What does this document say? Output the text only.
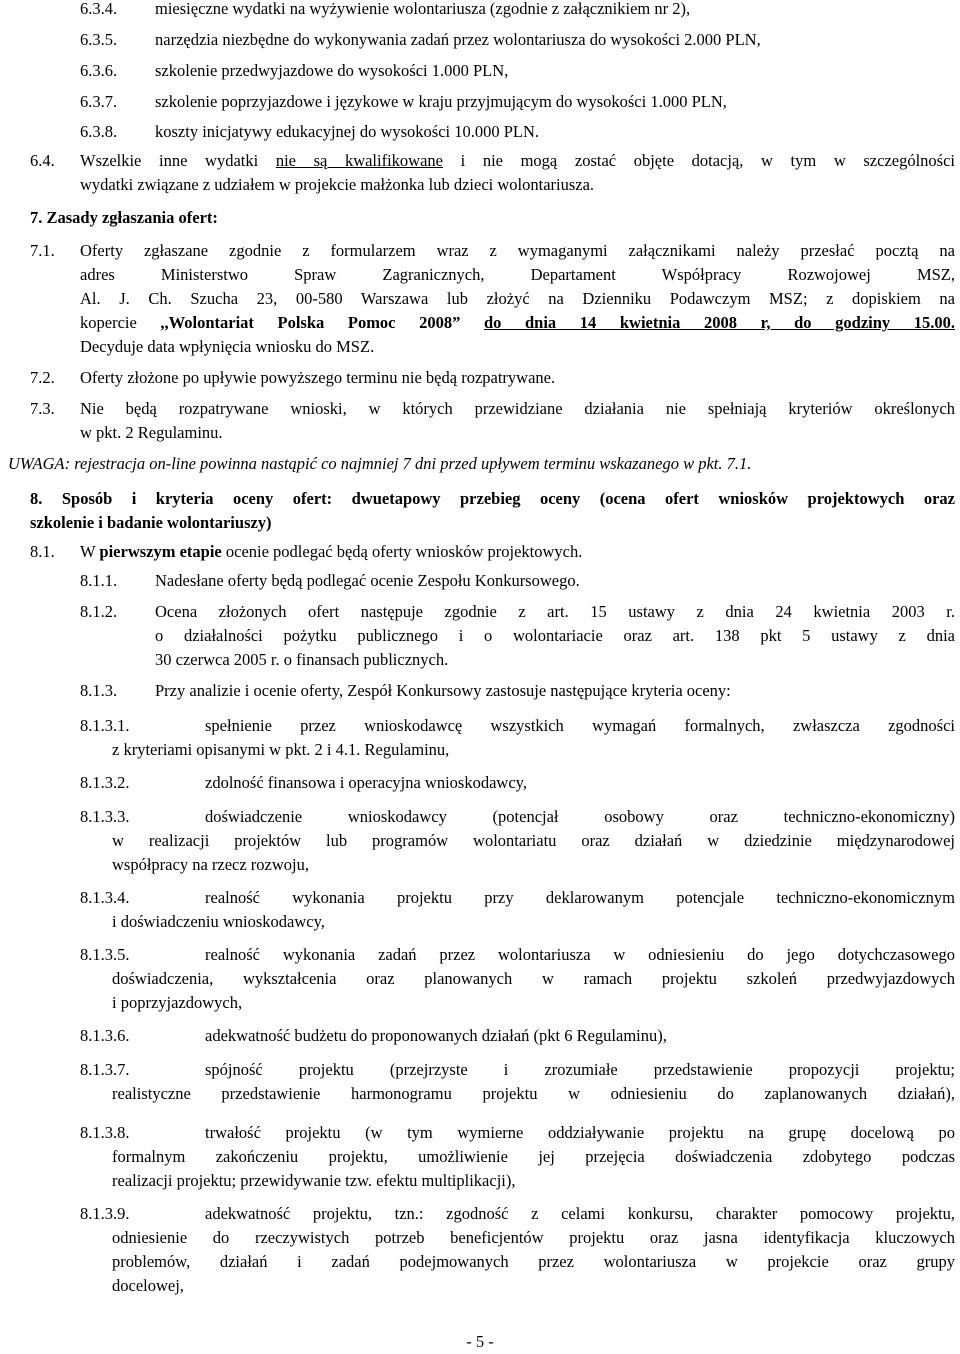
6.3.4. miesięczne wydatki na wyżywienie wolontariusza (zgodnie z załącznikiem nr 2),
6.3.5. narzędzia niezbędne do wykonywania zadań przez wolontariusza do wysokości 2.000 PLN,
6.3.6. szkolenie przedwyjazdowe do wysokości 1.000 PLN,
6.3.7. szkolenie poprzyjazdowe i językowe w kraju przyjmującym do wysokości 1.000 PLN,
6.3.8. koszty inicjatywy edukacyjnej do wysokości 10.000 PLN.
6.4. Wszelkie inne wydatki nie są kwalifikowane i nie mogą zostać objęte dotacją, w tym w szczególności
wydatki związane z udziałem w projekcie małżonka lub dzieci wolontariusza.
7. Zasady zgłaszania ofert:
7.1. Oferty zgłaszane zgodnie z formularzem wraz z wymaganymi załącznikami należy przesłać pocztą na
adres Ministerstwo Spraw Zagranicznych, Departament Współpracy Rozwojowej MSZ,
Al. J. Ch. Szucha 23, 00-580 Warszawa lub złożyć na Dzienniku Podawczym MSZ; z dopiskiem na
kopercie ,,Wolontariat Polska Pomoc 2008” do dnia 14 kwietnia 2008 r, do godziny 15.00.
Decyduje data wpłynięcia wniosku do MSZ.
7.2. Oferty złożone po upływie powyższego terminu nie będą rozpatrywane.
7.3. Nie będą rozpatrywane wnioski, w których przewidziane działania nie spełniają kryteriów określonych
w pkt. 2 Regulaminu.
UWAGA: rejestracja on-line powinna nastąpić co najmniej 7 dni przed upływem terminu wskazanego w pkt. 7.1.
8. Sposób i kryteria oceny ofert: dwuetapowy przebieg oceny (ocena ofert wniosków projektowych oraz
szkolenie i badanie wolontariuszy)
8.1. W pierwszym etapie ocenie podlegać będą oferty wniosków projektowych.
8.1.1. Nadesłane oferty będą podlegać ocenie Zespołu Konkursowego.
8.1.2. Ocena złożonych ofert następuje zgodnie z art. 15 ustawy z dnia 24 kwietnia 2003 r.
o działalności pożytku publicznego i o wolontariacie oraz art. 138 pkt 5 ustawy z dnia
30 czerwca 2005 r. o finansach publicznych.
8.1.3. Przy analizie i ocenie oferty, Zespół Konkursowy zastosuje następujące kryteria oceny:
8.1.3.1.	spełnienie przez wnioskodawcę wszystkich wymagań formalnych, zwłaszcza zgodności
z kryteriami opisanymi w pkt. 2 i 4.1. Regulaminu,
8.1.3.2.	zdolność finansowa i operacyjna wnioskodawcy,
8.1.3.3.	doświadczenie wnioskodawcy (potencjał osobowy oraz techniczno-ekonomiczny)
w realizacji projektów lub programów wolontariatu oraz działań w dziedzinie międzynarodowej
współpracy na rzecz rozwoju,
8.1.3.4.	realność wykonania projektu przy deklarowanym potencjale techniczno-ekonomicznym
i doświadczeniu wnioskodawcy,
8.1.3.5.	realność wykonania zadań przez wolontariusza w odniesieniu do jego dotychczasowego
doświadczenia, wykształcenia oraz planowanych w ramach projektu szkoleń przedwyjazdowych
i poprzyjazdowych,
8.1.3.6.	adekwatność budżetu do proponowanych działań (pkt 6 Regulaminu),
8.1.3.7.	spójność projektu (przejrzyste i zrozumiałe przedstawienie propozycji projektu;
realistyczne przedstawienie harmonogramu projektu w odniesieniu do zaplanowanych działań),
8.1.3.8.	trwałość projektu (w tym wymierne oddziaływanie projektu na grupę docelową po
formalnym zakończeniu projektu, umożliwienie jej przejęcia doświadczenia zdobytego podczas
realizacji projektu; przewidywanie tzw. efektu multiplikacji),
8.1.3.9.	adekwatność projektu, tzn.: zgodność z celami konkursu, charakter pomocowy projektu,
odniesienie do rzeczywistych potrzeb beneficjentów projektu oraz jasna identyfikacja kluczowych
problemów, działań i zadań podejmowanych przez wolontariusza w projekcie oraz grupy
docelowej,
- 5 -
